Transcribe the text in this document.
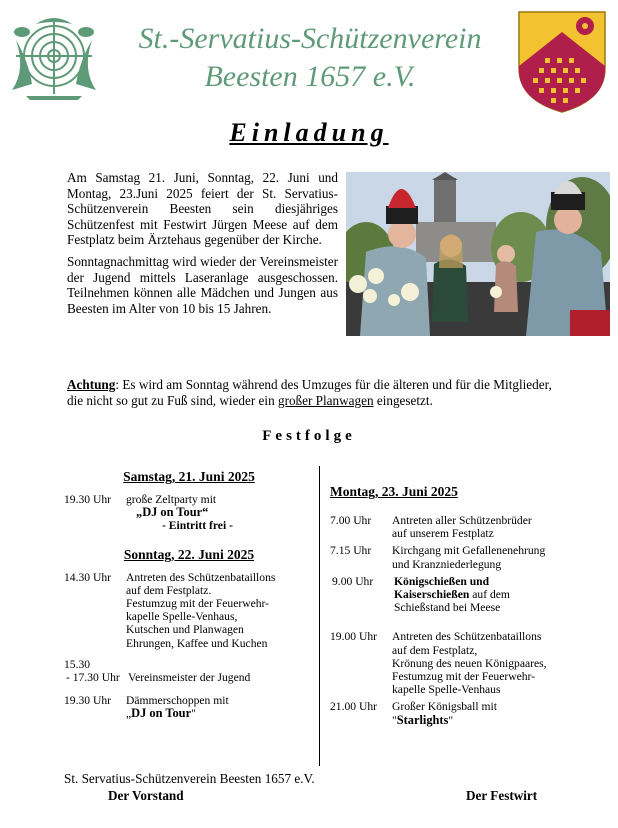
St.-Servatius-Schützenverein
Beesten 1657 e.V.
Einladung

Am Samstag 21. Juni, Sonntag, 22. Juni und Montag, 23.Juni 2025 feiert der St. Servatius-Schützenverein Beesten sein diesjähriges Schützenfest mit Festwirt Jürgen Meese auf dem Festplatz beim Ärztehaus gegenüber der Kirche.

Sonntagnachmittag wird wieder der Vereinsmeister der Jugend mittels Laseranlage ausgeschossen. Teilnehmen können alle Mädchen und Jungen aus Beesten im Alter von 10 bis 15 Jahren.

Achtung: Es wird am Sonntag während des Umzuges für die älteren und für die Mitglieder, die nicht so gut zu Fuß sind, wieder ein großer Planwagen eingesetzt.
Festfolge
Samstag, 21. Juni 2025
19.30 Uhr	große Zeltparty mit
„DJ on Tour“
- Eintritt frei -
Sonntag, 22. Juni 2025
14.30 Uhr	Antreten des Schützenbataillons
auf dem Festplatz.
Festumzug mit der Feuerwehr-
kapelle Spelle-Venhaus,
Kutschen und Planwagen
Ehrungen, Kaffee und Kuchen
15.30
- 17.30 Uhr Vereinsmeister der Jugend
19.30 Uhr	Dämmerschoppen mit
„DJ on Tour"
Montag, 23. Juni 2025
7.00 Uhr	Antreten aller Schützenbrüder
auf unserem Festplatz
7.15 Uhr	Kirchgang mit Gefallenenehrung
und Kranzniederlegung
9.00 Uhr	Königschießen und
Kaiserschießen auf dem
Schießstand bei Meese
19.00 Uhr	Antreten des Schützenbataillons
auf dem Festplatz,
Krönung des neuen Königpaares,
Festumzug mit der Feuerwehr-
kapelle Spelle-Venhaus
21.00 Uhr	Großer Königsball mit
"Starlights"
St. Servatius-Schützenverein Beesten 1657 e.V.
Der Vorstand	Der Festwirt
